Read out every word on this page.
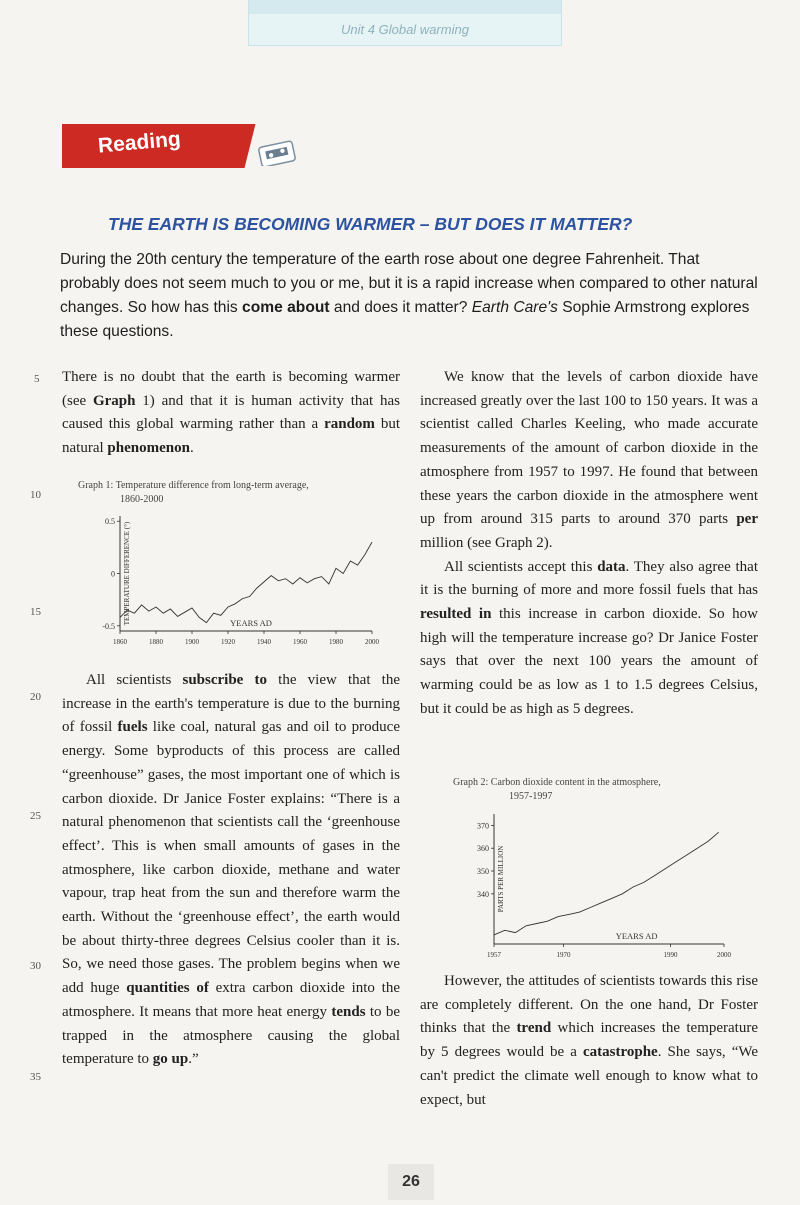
Unit 4 Global warming
Reading
THE EARTH IS BECOMING WARMER – BUT DOES IT MATTER?
During the 20th century the temperature of the earth rose about one degree Fahrenheit. That probably does not seem much to you or me, but it is a rapid increase when compared to other natural changes. So how has this come about and does it matter? Earth Care's Sophie Armstrong explores these questions.
5
10
15
20
25
30
35

There is no doubt that the earth is becoming warmer (see Graph 1) and that it is human activity that has caused this global warming rather than a random but natural phenomenon.

Graph 1: Temperature difference from long-term average,
1860-2000
1860	1880	1900	1920	1940	1960	1980	2000
0.5
0
-0.5
TEMPERATURE DIFFERENCE (°)	YEARS AD

All scientists subscribe to the view that the increase in the earth's temperature is due to the burning of fossil fuels like coal, natural gas and oil to produce energy. Some byproducts of this process are called “greenhouse” gases, the most important one of which is carbon dioxide. Dr Janice Foster explains: “There is a natural phenomenon that scientists call the ‘greenhouse effect’. This is when small amounts of gases in the atmosphere, like carbon dioxide, methane and water vapour, trap heat from the sun and therefore warm the earth. Without the ‘greenhouse effect’, the earth would be about thirty-three degrees Celsius cooler than it is. So, we need those gases. The problem begins when we add huge quantities of extra carbon dioxide into the atmosphere. It means that more heat energy tends to be trapped in the atmosphere causing the global temperature to go up.”

We know that the levels of carbon dioxide have increased greatly over the last 100 to 150 years. It was a scientist called Charles Keeling, who made accurate measurements of the amount of carbon dioxide in the atmosphere from 1957 to 1997. He found that between these years the carbon dioxide in the atmosphere went up from around 315 parts to around 370 parts per million (see Graph 2).

All scientists accept this data. They also agree that it is the burning of more and more fossil fuels that has resulted in this increase in carbon dioxide. So how high will the temperature increase go? Dr Janice Foster says that over the next 100 years the amount of warming could be as low as 1 to 1.5 degrees Celsius, but it could be as high as 5 degrees.

Graph 2: Carbon dioxide content in the atmosphere,
1957-1997
1957	1970	1990	2000
370
360
350
340 PARTS PER MILLION
YEARS AD

However, the attitudes of scientists towards this rise are completely different. On the one hand, Dr Foster thinks that the trend which increases the temperature by 5 degrees would be a catastrophe. She says, “We can't predict the climate well enough to know what to expect, but

26
